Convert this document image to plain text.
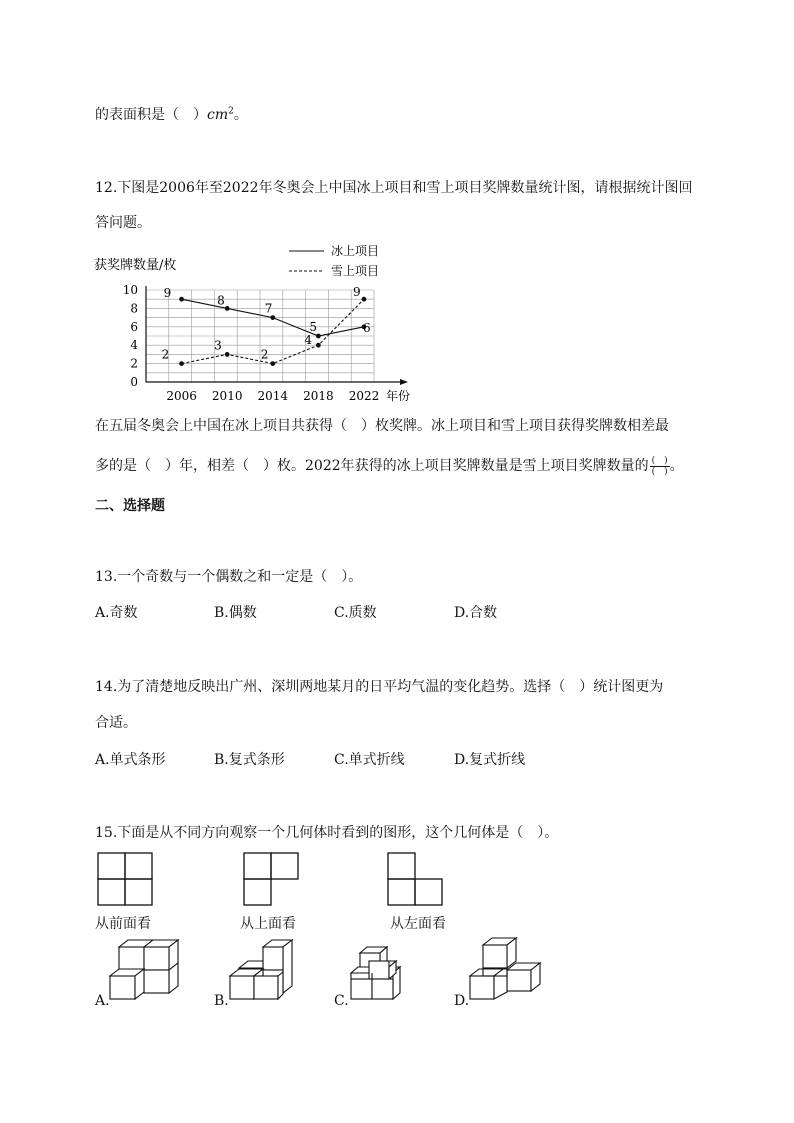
的表面积是（　）$cm^2$。
12.下图是2006年至2022年冬奥会上中国冰上项目和雪上项目奖牌数量统计图，请根据统计图回
答问题。
获奖牌数量/枚
冰上项目
雪上项目
0
2
4
6
8
10
2006 2010 2014 2018 2022 年份
9
8
7
5	6
2
3
2
4
9
在五届冬奥会上中国在冰上项目共获得（　）枚奖牌。冰上项目和雪上项目获得奖牌数相差最
多的是（　）年，相差（　）枚。2022年获得的冰上项目奖牌数量是雪上项目奖牌数量的 $\frac{( )}{( )}$ 。
二、选择题
13.一个奇数与一个偶数之和一定是（　）。
A.奇数	B.偶数	C.质数	D.合数
14.为了清楚地反映出广州、深圳两地某月的日平均气温的变化趋势。选择（　）统计图更为
合适。
A.单式条形	B.复式条形	C.单式折线	D.复式折线
15.下面是从不同方向观察一个几何体时看到的图形，这个几何体是（　）。
从前面看	从上面看	从左面看
A.	B.	C.	D.
